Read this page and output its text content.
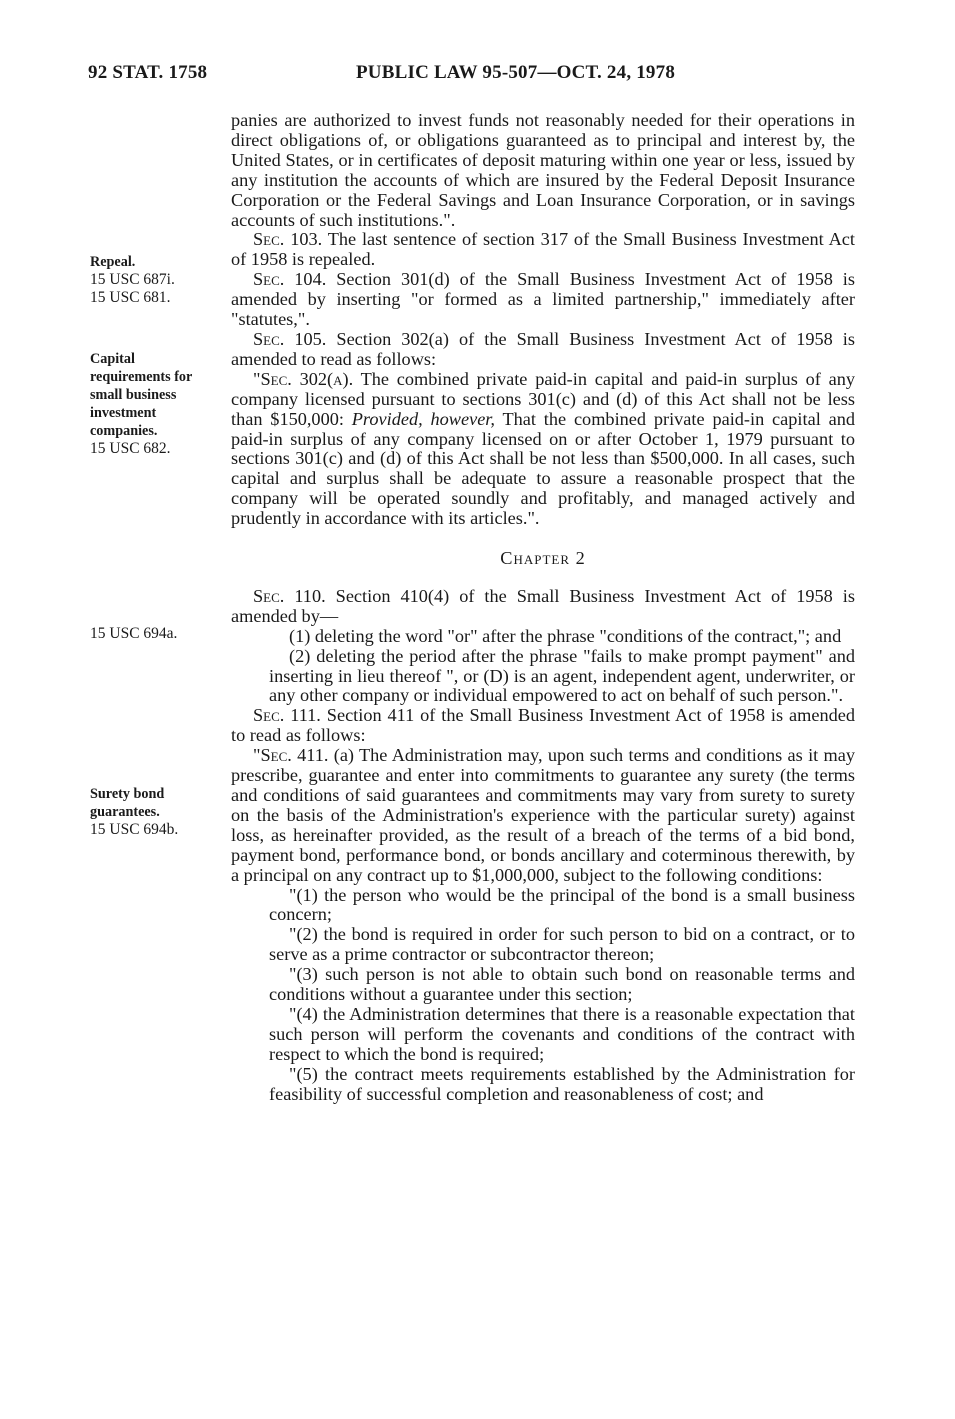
92 STAT. 1758	PUBLIC LAW 95-507—OCT. 24, 1978
Repeal.
15 USC 687i.
15 USC 681.
Capital
requirements for
small business
investment
companies.
15 USC 682.
15 USC 694a.
Surety bond
guarantees.
15 USC 694b.

panies are authorized to invest funds not reasonably needed for their operations in direct obligations of, or obligations guaranteed as to principal and interest by, the United States, or in certificates of deposit maturing within one year or less, issued by any institution the accounts of which are insured by the Federal Deposit Insurance Corporation or the Federal Savings and Loan Insurance Corporation, or in savings accounts of such institutions.".

Sec. 103. The last sentence of section 317 of the Small Business Investment Act of 1958 is repealed.

Sec. 104. Section 301(d) of the Small Business Investment Act of 1958 is amended by inserting "or formed as a limited partnership," immediately after "statutes,".

Sec. 105. Section 302(a) of the Small Business Investment Act of 1958 is amended to read as follows:

"Sec. 302(a). The combined private paid-in capital and paid-in surplus of any company licensed pursuant to sections 301(c) and (d) of this Act shall not be less than $150,000: Provided, however, That the combined private paid-in capital and paid-in surplus of any company licensed on or after October 1, 1979 pursuant to sections 301(c) and (d) of this Act shall be not less than $500,000. In all cases, such capital and surplus shall be adequate to assure a reasonable prospect that the company will be operated soundly and profitably, and managed actively and prudently in accordance with its articles.".

Chapter 2

Sec. 110. Section 410(4) of the Small Business Investment Act of 1958 is amended by—

(1) deleting the word "or" after the phrase "conditions of the contract,"; and

(2) deleting the period after the phrase "fails to make prompt payment" and inserting in lieu thereof ", or (D) is an agent, independent agent, underwriter, or any other company or individual empowered to act on behalf of such person.".

Sec. 111. Section 411 of the Small Business Investment Act of 1958 is amended to read as follows:

"Sec. 411. (a) The Administration may, upon such terms and conditions as it may prescribe, guarantee and enter into commitments to guarantee any surety (the terms and conditions of said guarantees and commitments may vary from surety to surety on the basis of the Administration's experience with the particular surety) against loss, as hereinafter provided, as the result of a breach of the terms of a bid bond, payment bond, performance bond, or bonds ancillary and coterminous therewith, by a principal on any contract up to $1,000,000, subject to the following conditions:

"(1) the person who would be the principal of the bond is a small business concern;

"(2) the bond is required in order for such person to bid on a contract, or to serve as a prime contractor or subcontractor thereon;

"(3) such person is not able to obtain such bond on reasonable terms and conditions without a guarantee under this section;

"(4) the Administration determines that there is a reasonable expectation that such person will perform the covenants and conditions of the contract with respect to which the bond is required;

"(5) the contract meets requirements established by the Administration for feasibility of successful completion and reasonableness of cost; and
